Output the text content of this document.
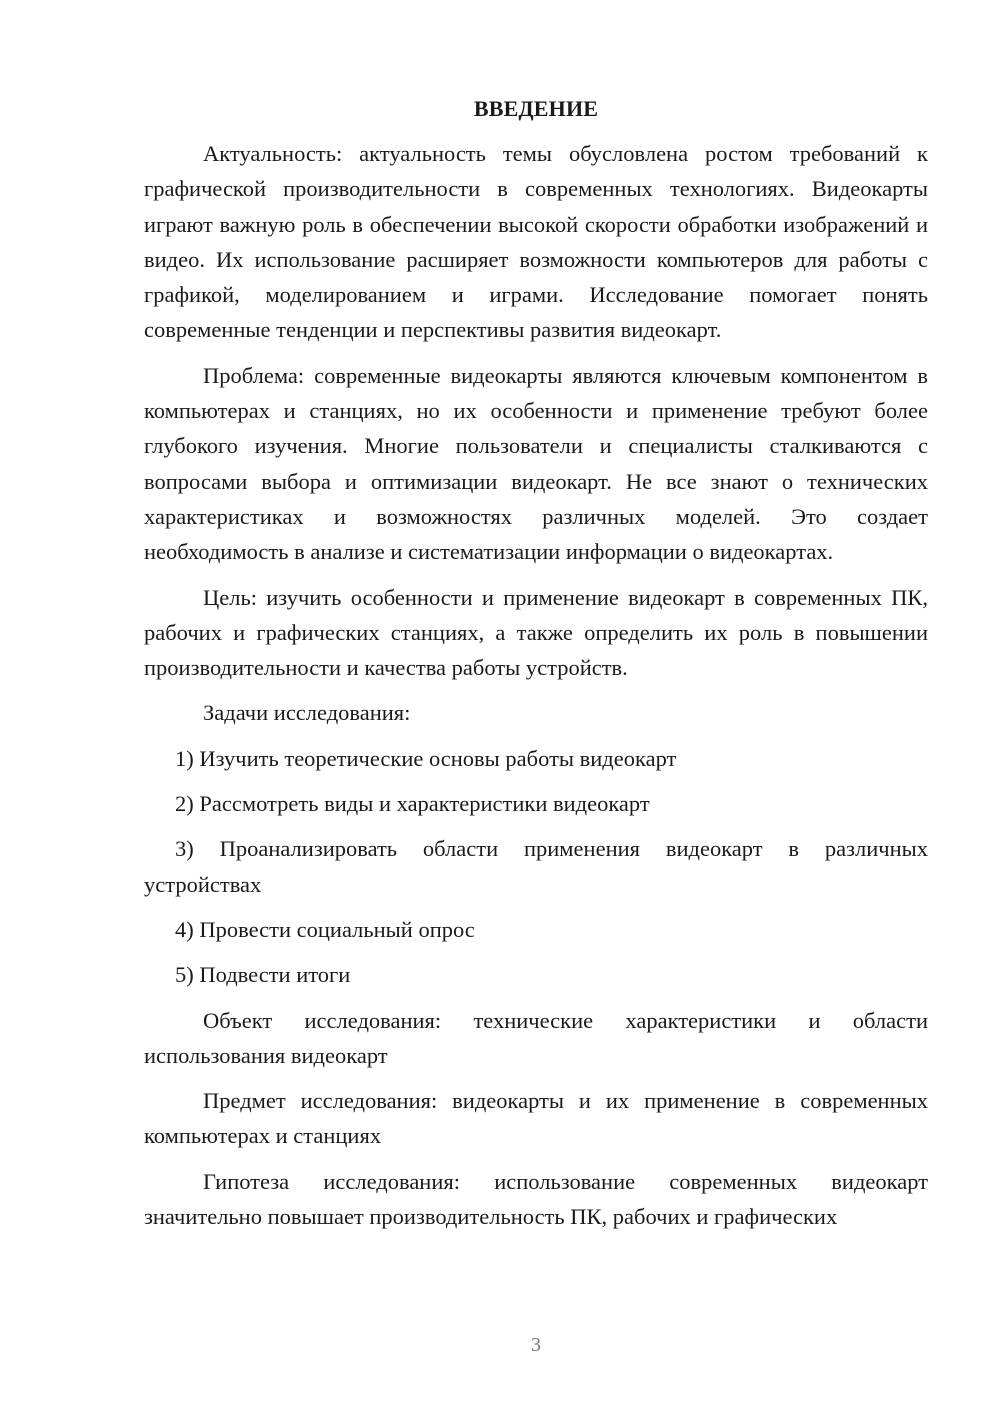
ВВЕДЕНИЕ

Актуальность: актуальность темы обусловлена ростом требований к графической производительности в современных технологиях. Видеокарты играют важную роль в обеспечении высокой скорости обработки изображений и видео. Их использование расширяет возможности компьютеров для работы с графикой, моделированием и играми. Исследование помогает понять современные тенденции и перспективы развития видеокарт.

Проблема: современные видеокарты являются ключевым компонентом в компьютерах и станциях, но их особенности и применение требуют более глубокого изучения. Многие пользователи и специалисты сталкиваются с вопросами выбора и оптимизации видеокарт. Не все знают о технических характеристиках и возможностях различных моделей. Это создает необходимость в анализе и систематизации информации о видеокартах.

Цель: изучить особенности и применение видеокарт в современных ПК, рабочих и графических станциях, а также определить их роль в повышении производительности и качества работы устройств.

Задачи исследования:

1) Изучить теоретические основы работы видеокарт

2) Рассмотреть виды и характеристики видеокарт

3) Проанализировать области применения видеокарт в различных устройствах

4) Провести социальный опрос

5) Подвести итоги

Объект исследования: технические характеристики и области использования видеокарт

Предмет исследования: видеокарты и их применение в современных компьютерах и станциях

Гипотеза исследования: использование современных видеокарт значительно повышает производительность ПК, рабочих и графических

3
